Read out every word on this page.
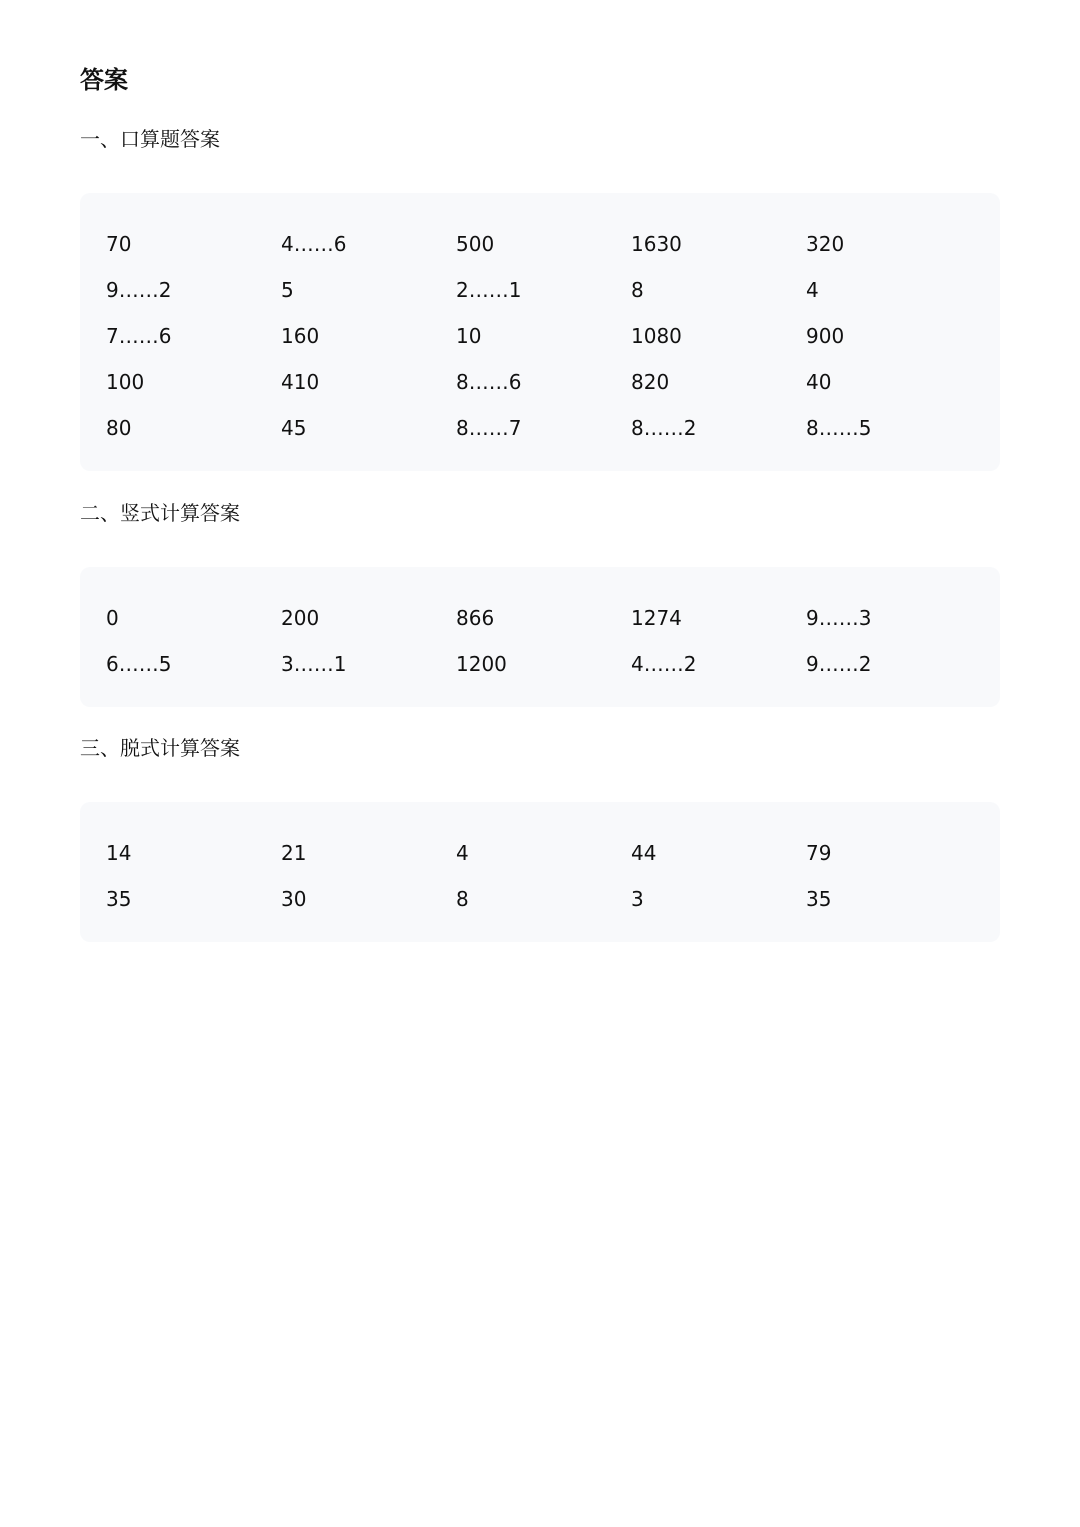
答案
一、口算题答案
70	4……6	500	1630	320
9……2	5	2……1	8	4
7……6	160	10	1080	900
100	410	8……6	820	40
80	45	8……7	8……2	8……5
二、竖式计算答案
0	200	866	1274	9……3
6……5	3……1	1200	4……2	9……2
三、脱式计算答案
14	21	4	44	79
35	30	8	3	35
